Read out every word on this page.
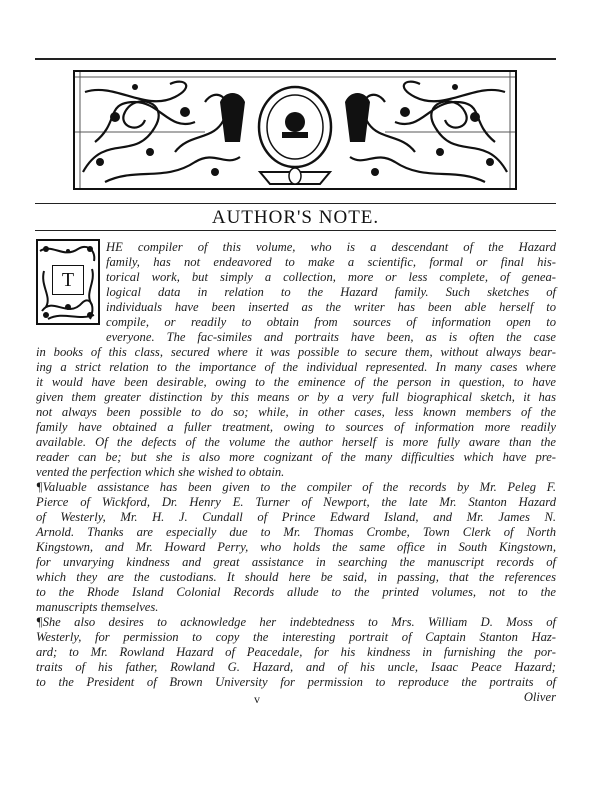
AUTHOR'S NOTE.
T
HE compiler of this volume, who is a descendant of the Hazard
family, has not endeavored to make a scientific, formal or final his-
torical work, but simply a collection, more or less complete, of genea-
logical data in relation to the Hazard family. Such sketches of
individuals have been inserted as the writer has been able herself to
compile, or readily to obtain from sources of information open to
everyone. The fac-similes and portraits have been, as is often the case
in books of this class, secured where it was possible to secure them, without always bear-
ing a strict relation to the importance of the individual represented. In many cases where
it would have been desirable, owing to the eminence of the person in question, to have
given them greater distinction by this means or by a very full biographical sketch, it has
not always been possible to do so; while, in other cases, less known members of the
family have obtained a fuller treatment, owing to sources of information more readily
available. Of the defects of the volume the author herself is more fully aware than the
reader can be; but she is also more cognizant of the many difficulties which have pre-
vented the perfection which she wished to obtain.
¶Valuable assistance has been given to the compiler of the records by Mr. Peleg F.
Pierce of Wickford, Dr. Henry E. Turner of Newport, the late Mr. Stanton Hazard
of Westerly, Mr. H. J. Cundall of Prince Edward Island, and Mr. James N.
Arnold. Thanks are especially due to Mr. Thomas Crombe, Town Clerk of North
Kingstown, and Mr. Howard Perry, who holds the same office in South Kingstown,
for unvarying kindness and great assistance in searching the manuscript records of
which they are the custodians. It should here be said, in passing, that the references
to the Rhode Island Colonial Records allude to the printed volumes, not to the
manuscripts themselves.
¶She also desires to acknowledge her indebtedness to Mrs. William D. Moss of
Westerly, for permission to copy the interesting portrait of Captain Stanton Haz-
ard; to Mr. Rowland Hazard of Peacedale, for his kindness in furnishing the por-
traits of his father, Rowland G. Hazard, and of his uncle, Isaac Peace Hazard;
to the President of Brown University for permission to reproduce the portraits of
v	Oliver
